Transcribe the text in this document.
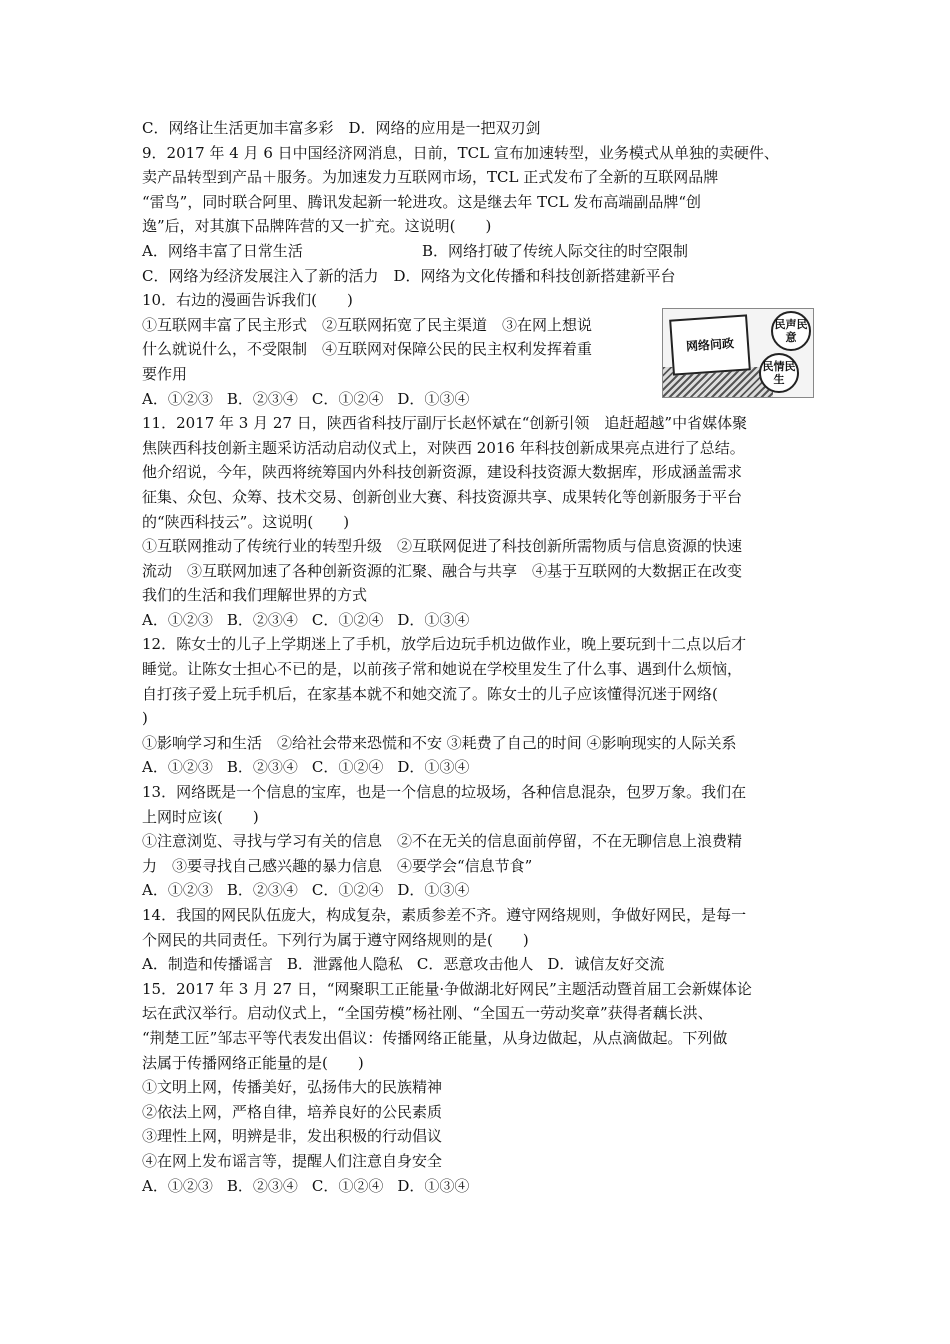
C．网络让生活更加丰富多彩　 D．网络的应用是一把双刃剑
9．2017 年 4 月 6 日中国经济网消息，日前，TCL 宣布加速转型，业务模式从单独的卖硬件、
卖产品转型到产品＋服务。为加速发力互联网市场，TCL 正式发布了全新的互联网品牌
“雷鸟”，同时联合阿里、腾讯发起新一轮进攻。这是继去年 TCL 发布高端副品牌“创
逸”后，对其旗下品牌阵营的又一扩充。这说明(　　)
A．网络丰富了日常生活	B．网络打破了传统人际交往的时空限制
C．网络为经济发展注入了新的活力　 D．网络为文化传播和科技创新搭建新平台
10．右边的漫画告诉我们(　　)
①互联网丰富了民主形式　②互联网拓宽了民主渠道　③在网上想说
什么就说什么，不受限制　④互联网对保障公民的民主权利发挥着重
要作用
网络问政
民声民意
民情民生
A．①②③ B．②③④ C．①②④ D．①③④
11．2017 年 3 月 27 日，陕西省科技厅副厅长赵怀斌在“创新引领　追赶超越”中省媒体聚
焦陕西科技创新主题采访活动启动仪式上，对陕西 2016 年科技创新成果亮点进行了总结。
他介绍说，今年，陕西将统筹国内外科技创新资源，建设科技资源大数据库，形成涵盖需求
征集、众包、众筹、技术交易、创新创业大赛、科技资源共享、成果转化等创新服务于平台
的“陕西科技云”。这说明(　　)
①互联网推动了传统行业的转型升级　②互联网促进了科技创新所需物质与信息资源的快速
流动　③互联网加速了各种创新资源的汇聚、融合与共享　④基于互联网的大数据正在改变
我们的生活和我们理解世界的方式
A．①②③ B．②③④ C．①②④ D．①③④
12．陈女士的儿子上学期迷上了手机，放学后边玩手机边做作业，晚上要玩到十二点以后才
睡觉。让陈女士担心不已的是，以前孩子常和她说在学校里发生了什么事、遇到什么烦恼，
自打孩子爱上玩手机后，在家基本就不和她交流了。陈女士的儿子应该懂得沉迷于网络(
)
①影响学习和生活　②给社会带来恐慌和不安 ③耗费了自己的时间 ④影响现实的人际关系
A．①②③ B．②③④ C．①②④ D．①③④
13．网络既是一个信息的宝库，也是一个信息的垃圾场，各种信息混杂，包罗万象。我们在
上网时应该(　　)
①注意浏览、寻找与学习有关的信息　②不在无关的信息面前停留，不在无聊信息上浪费精
力　③要寻找自己感兴趣的暴力信息　④要学会“信息节食”
A．①②③ B．②③④ C．①②④ D．①③④
14．我国的网民队伍庞大，构成复杂，素质参差不齐。遵守网络规则，争做好网民，是每一
个网民的共同责任。下列行为属于遵守网络规则的是(　　)
A．制造和传播谣言 B．泄露他人隐私 C．恶意攻击他人 D．诚信友好交流
15．2017 年 3 月 27 日，“网聚职工正能量·争做湖北好网民”主题活动暨首届工会新媒体论
坛在武汉举行。启动仪式上，“全国劳模”杨社刚、“全国五一劳动奖章”获得者藕长洪、
“荆楚工匠”邹志平等代表发出倡议：传播网络正能量，从身边做起，从点滴做起。下列做
法属于传播网络正能量的是(　　)
①文明上网，传播美好，弘扬伟大的民族精神
②依法上网，严格自律，培养良好的公民素质
③理性上网，明辨是非，发出积极的行动倡议
④在网上发布谣言等，提醒人们注意自身安全
A．①②③ B．②③④ C．①②④ D．①③④
